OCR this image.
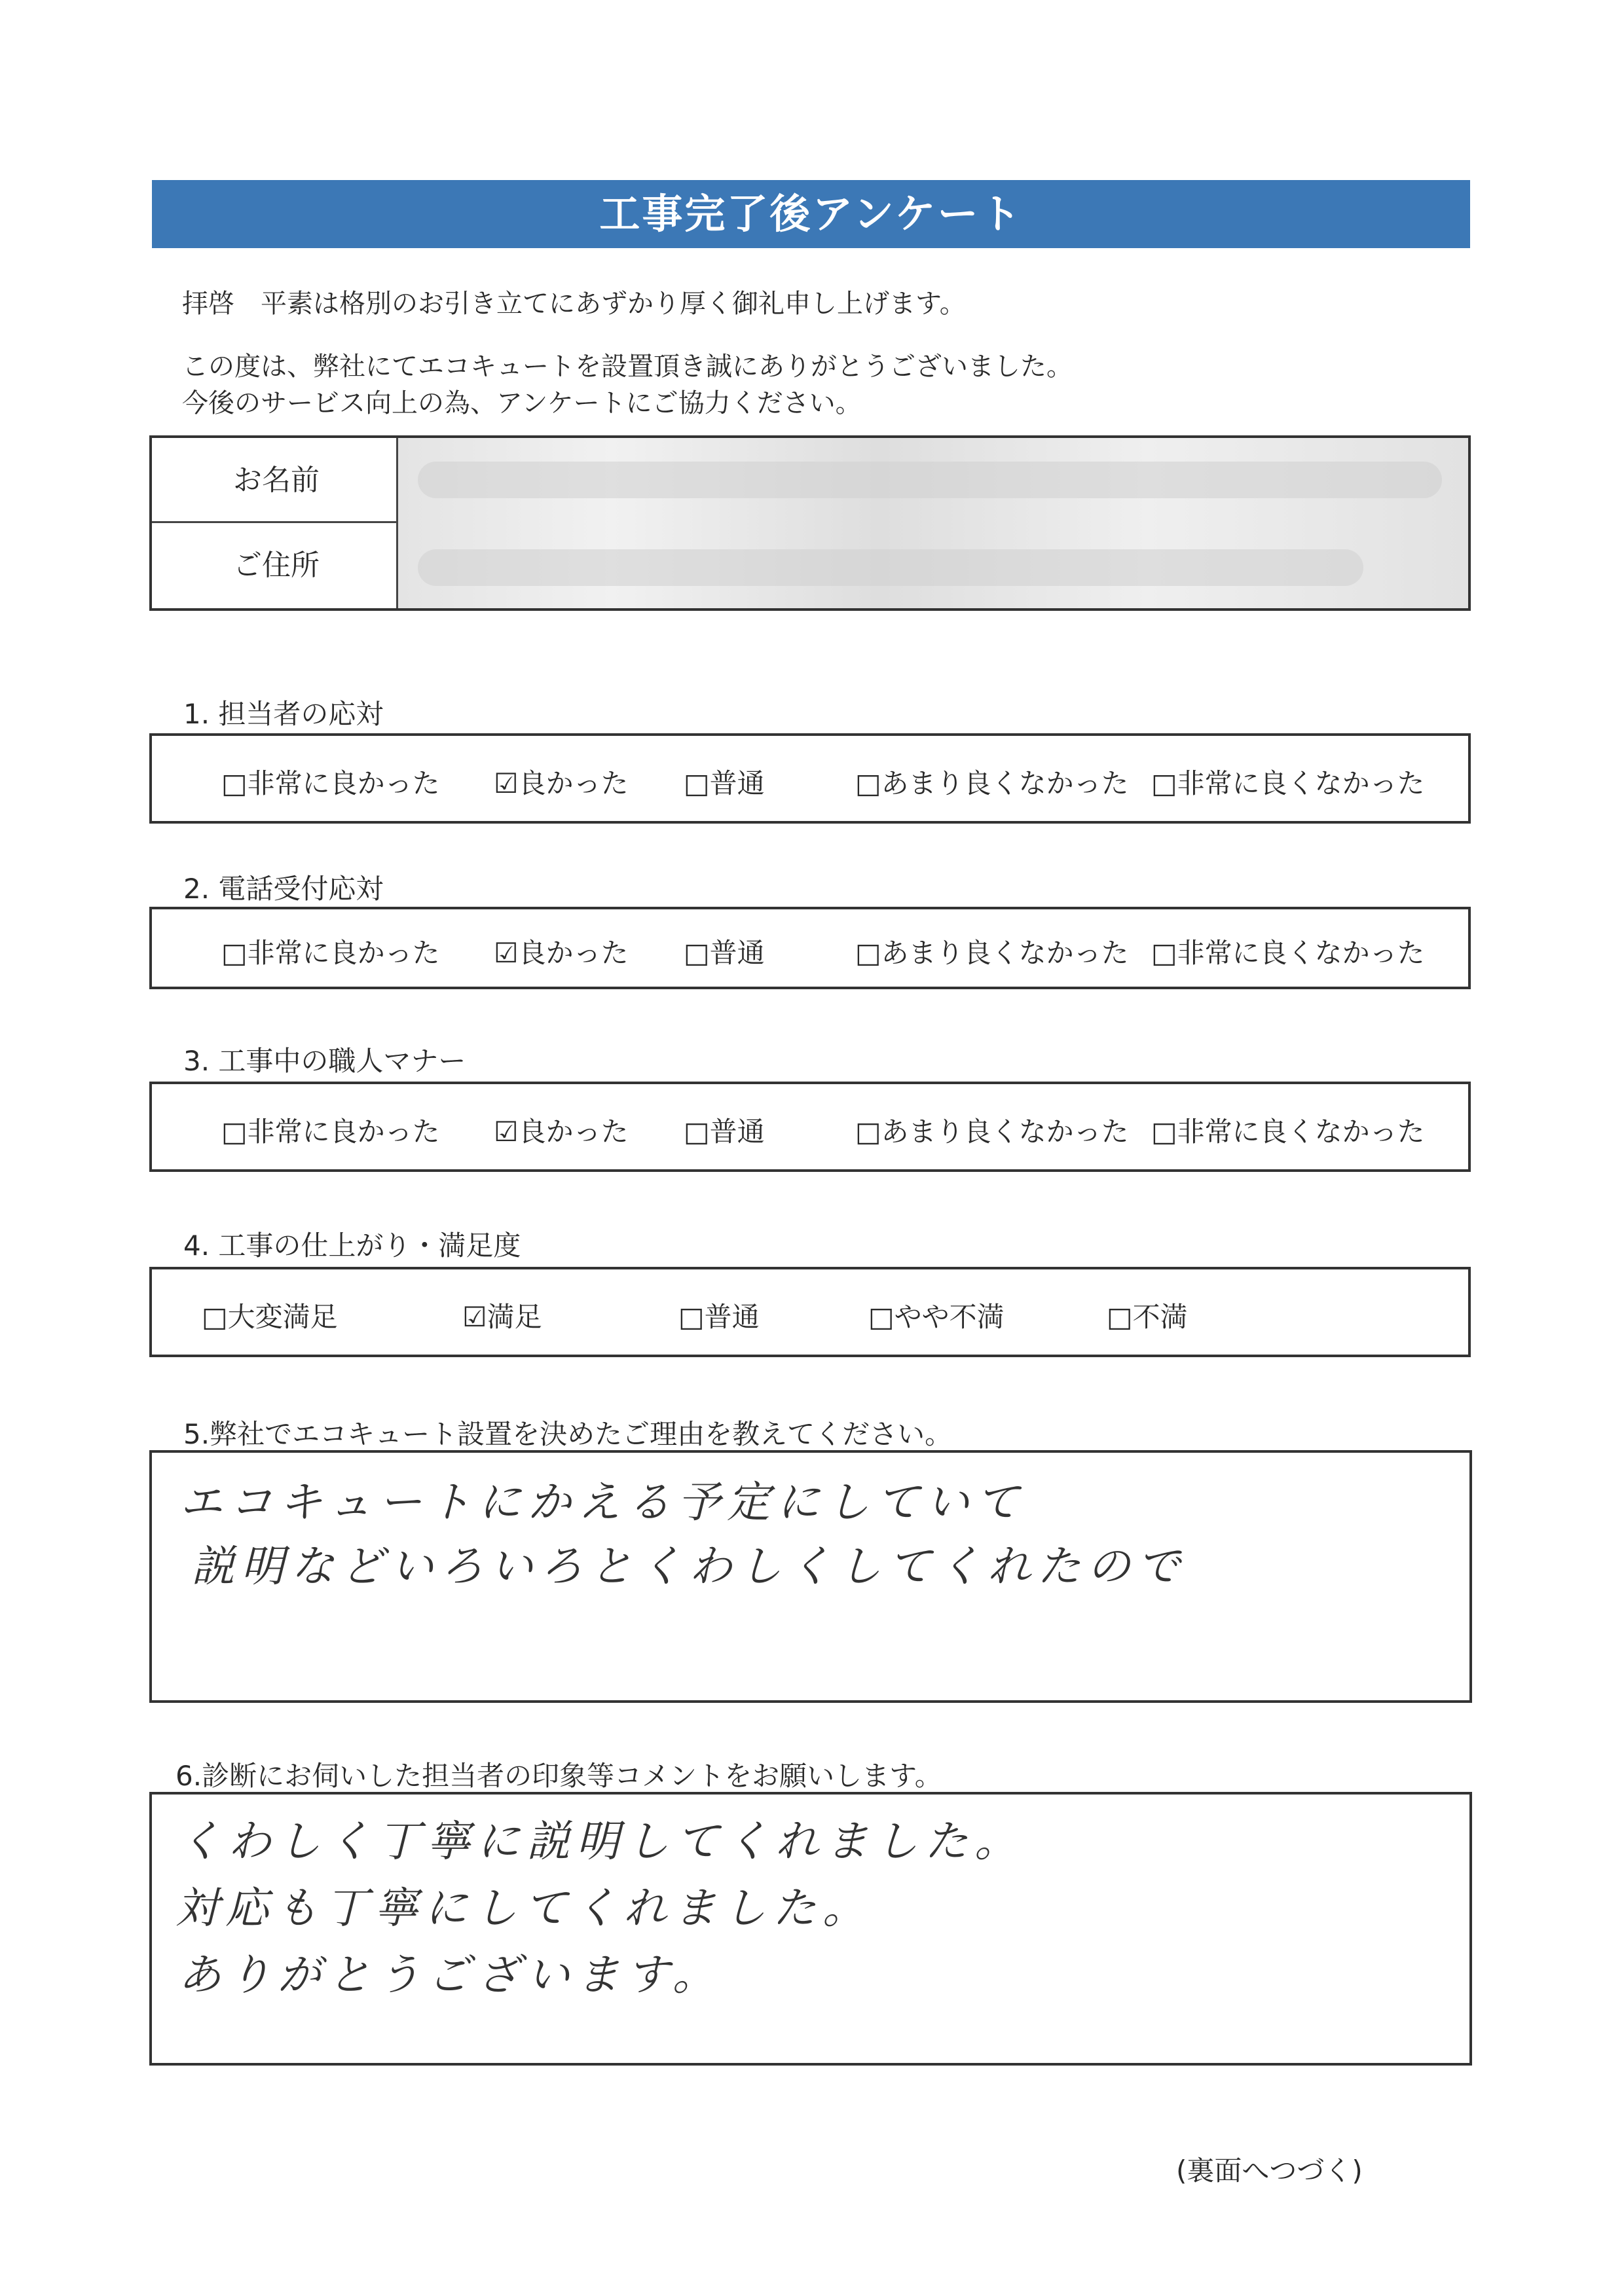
工事完了後アンケート
拝啓　平素は格別のお引き立てにあずかり厚く御礼申し上げます。
この度は、弊社にてエコキュートを設置頂き誠にありがとうございました。
今後のサービス向上の為、アンケートにご協力ください。
お名前
ご住所
1. 担当者の応対
□非常に良かった ☑良かった □普通	□あまり良くなかった □非常に良くなかった
2. 電話受付応対
□非常に良かった ☑良かった □普通	□あまり良くなかった □非常に良くなかった
3. 工事中の職人マナー
□非常に良かった ☑良かった □普通	□あまり良くなかった □非常に良くなかった
4. 工事の仕上がり・満足度
□大変満足	☑満足	□普通	□やや不満	□不満
5.弊社でエコキュート設置を決めたご理由を教えてください。
エコキュートにかえる予定にしていて
説明などいろいろとくわしくしてくれたので
6.診断にお伺いした担当者の印象等コメントをお願いします。
くわしく丁寧に説明してくれました。
対応も丁寧にしてくれました。
ありがとうございます。
(裏面へつづく)
